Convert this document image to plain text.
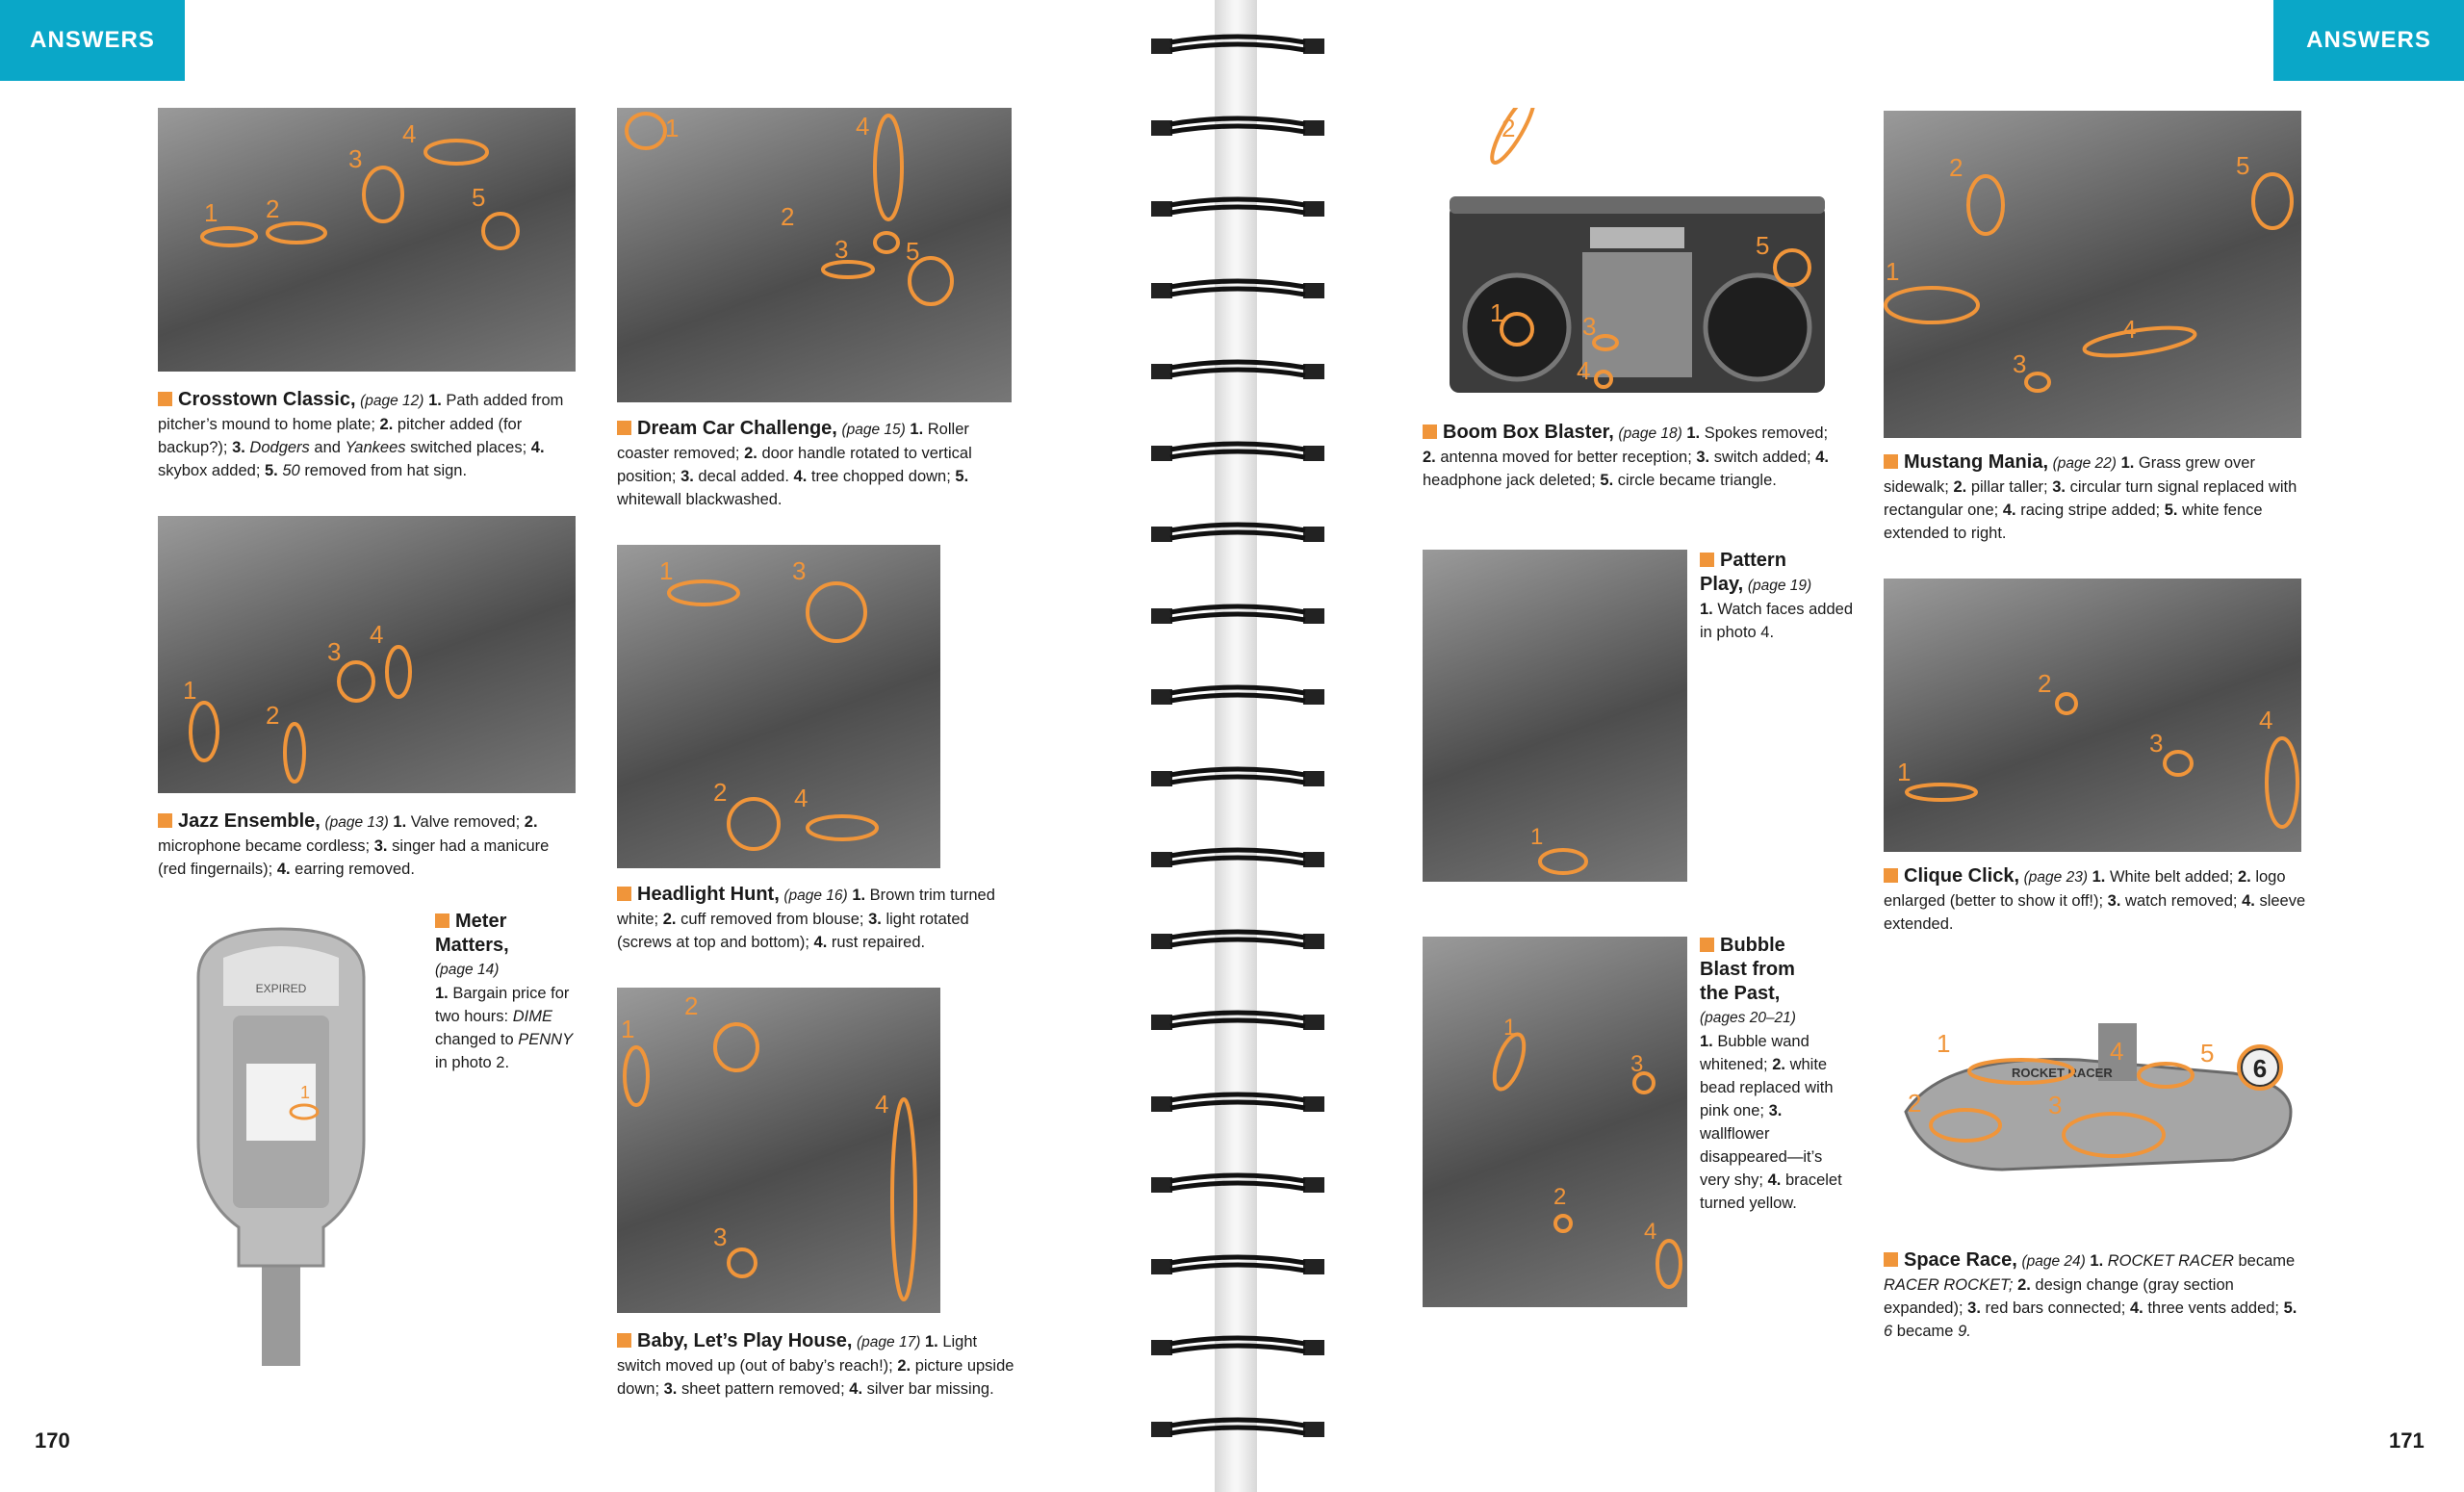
ANSWERS	ANSWERS
170	171
1 2
3
4
5
1
2
3
4
5
1
2
3
4
1	3
2	4
EXPIRED
1
1
2
3
4
1
2
3
4
5
1
2
3
4
5
1
1
2
3
4
1
2
3
4
6
ROCKET RACER
1
2	3
4	5
Crosstown Classic, (page 12) 1. Path added from pitcher’s mound to home plate; 2. pitcher added (for backup?); 3. Dodgers and Yankees switched places; 4. skybox added; 5. 50 removed from hat sign.
Dream Car Challenge, (page 15) 1. Roller coaster removed; 2. door handle rotated to vertical position; 3. decal added. 4. tree chopped down; 5. whitewall blackwashed.
Jazz Ensemble, (page 13) 1. Valve removed; 2. microphone became cordless; 3. singer had a manicure (red fingernails); 4. earring removed.
Headlight Hunt, (page 16) 1. Brown trim turned white; 2. cuff removed from blouse; 3. light rotated (screws at top and bottom); 4. rust repaired.
Meter
Matters,
(page 14)
1. Bargain price for two hours: DIME changed to PENNY in photo 2.
Baby, Let’s Play House, (page 17) 1. Light switch moved up (out of baby’s reach!); 2. picture upside down; 3. sheet pattern removed; 4. silver bar missing.
Boom Box Blaster, (page 18) 1. Spokes removed; 2. antenna moved for better reception; 3. switch added; 4. headphone jack deleted; 5. circle became triangle.
Mustang Mania, (page 22) 1. Grass grew over sidewalk; 2. pillar taller; 3. circular turn signal replaced with rectangular one; 4. racing stripe added; 5. white fence extended to right.
Pattern
Play, (page 19)
1. Watch faces added in photo 4.
Bubble
Blast from
the Past,
(pages 20–21)
1. Bubble wand whitened; 2. white bead replaced with pink one; 3. wallflower disappeared—it’s very shy; 4. bracelet turned yellow.
Clique Click, (page 23) 1. White belt added; 2. logo enlarged (better to show it off!); 3. watch removed; 4. sleeve extended.
Space Race, (page 24) 1. ROCKET RACER became RACER ROCKET; 2. design change (gray section expanded); 3. red bars connected; 4. three vents added; 5. 6 became 9.
